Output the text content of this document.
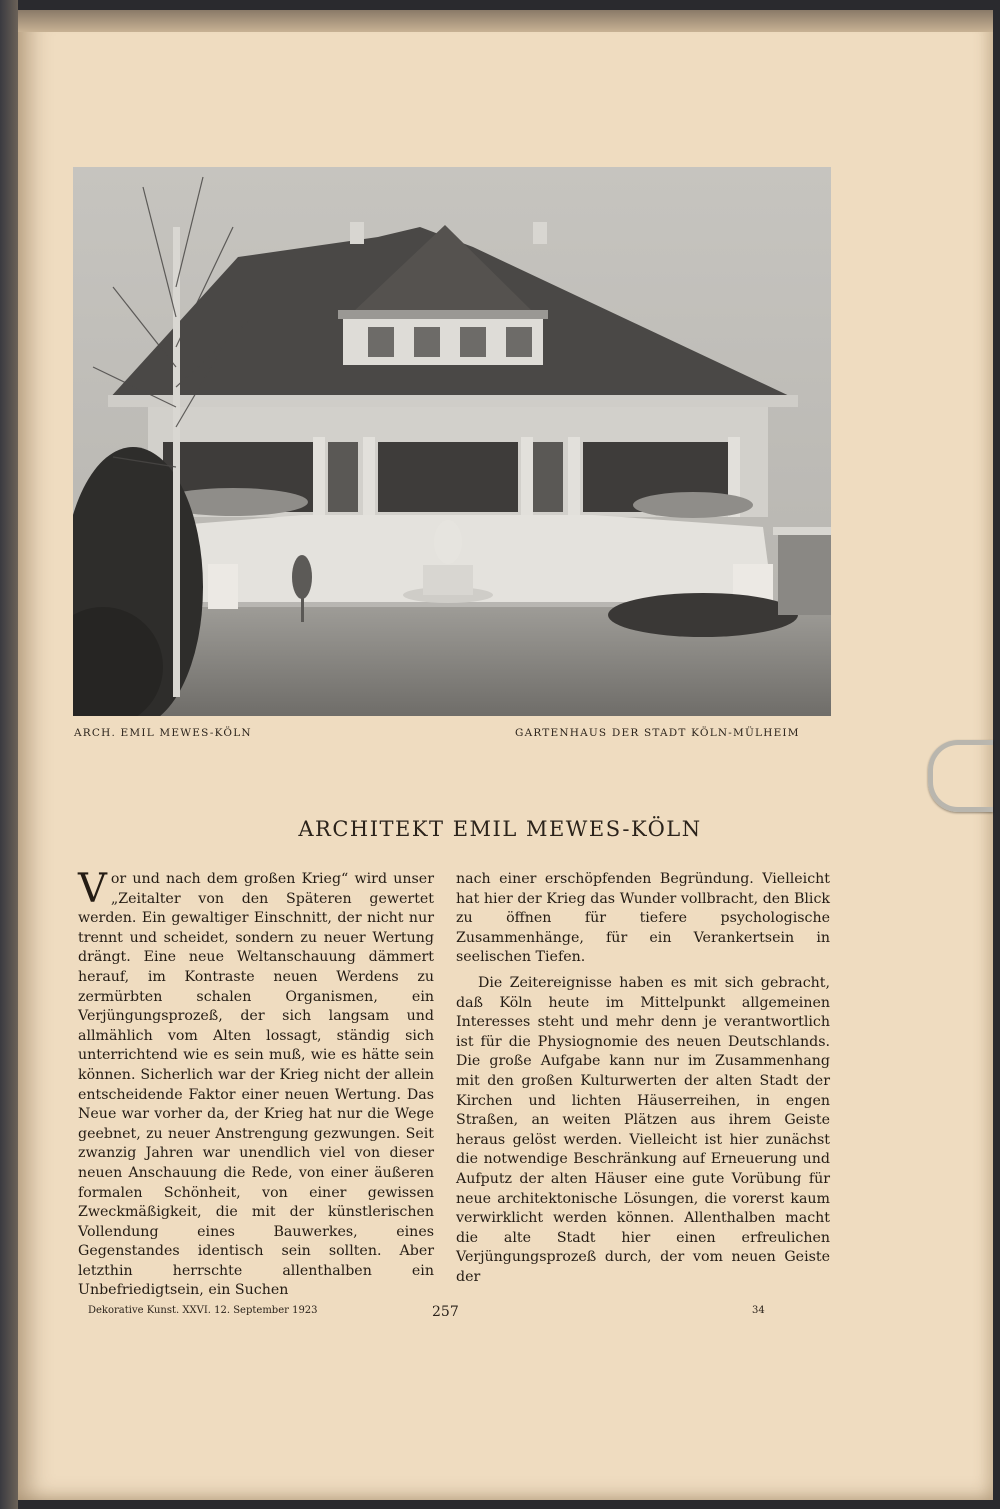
ARCH. EMIL MEWES-KÖLN	GARTENHAUS DER STADT KÖLN-MÜLHEIM
ARCHITEKT EMIL MEWES-KÖLN

Vor und nach dem großen Krieg“ wird unser „Zeitalter von den Späteren gewertet werden. Ein gewaltiger Einschnitt, der nicht nur trennt und scheidet, sondern zu neuer Wertung drängt. Eine neue Weltanschauung dämmert herauf, im Kontraste neuen Werdens zu zermürbten schalen Organismen, ein Verjüngungsprozeß, der sich langsam und allmählich vom Alten lossagt, ständig sich unterrichtend wie es sein muß, wie es hätte sein können. Sicherlich war der Krieg nicht der allein entscheidende Faktor einer neuen Wertung. Das Neue war vorher da, der Krieg hat nur die Wege geebnet, zu neuer Anstrengung gezwungen. Seit zwanzig Jahren war unendlich viel von dieser neuen Anschauung die Rede, von einer äußeren formalen Schönheit, von einer gewissen Zweckmäßigkeit, die mit der künstlerischen Vollendung eines Bauwerkes, eines Gegenstandes identisch sein sollten. Aber letzthin herrschte allenthalben ein Unbefriedigtsein, ein Suchen

nach einer erschöpfenden Begründung. Vielleicht hat hier der Krieg das Wunder vollbracht, den Blick zu öffnen für tiefere psychologische Zusammenhänge, für ein Verankertsein in seelischen Tiefen.

Die Zeitereignisse haben es mit sich gebracht, daß Köln heute im Mittelpunkt allgemeinen Interesses steht und mehr denn je verantwortlich ist für die Physiognomie des neuen Deutschlands. Die große Aufgabe kann nur im Zusammenhang mit den großen Kulturwerten der alten Stadt der Kirchen und lichten Häuserreihen, in engen Straßen, an weiten Plätzen aus ihrem Geiste heraus gelöst werden. Vielleicht ist hier zunächst die notwendige Beschränkung auf Erneuerung und Aufputz der alten Häuser eine gute Vorübung für neue architektonische Lösungen, die vorerst kaum verwirklicht werden können. Allenthalben macht die alte Stadt hier einen erfreulichen Verjüngungsprozeß durch, der vom neuen Geiste der

Dekorative Kunst. XXVI. 12. September 1923	257	34
